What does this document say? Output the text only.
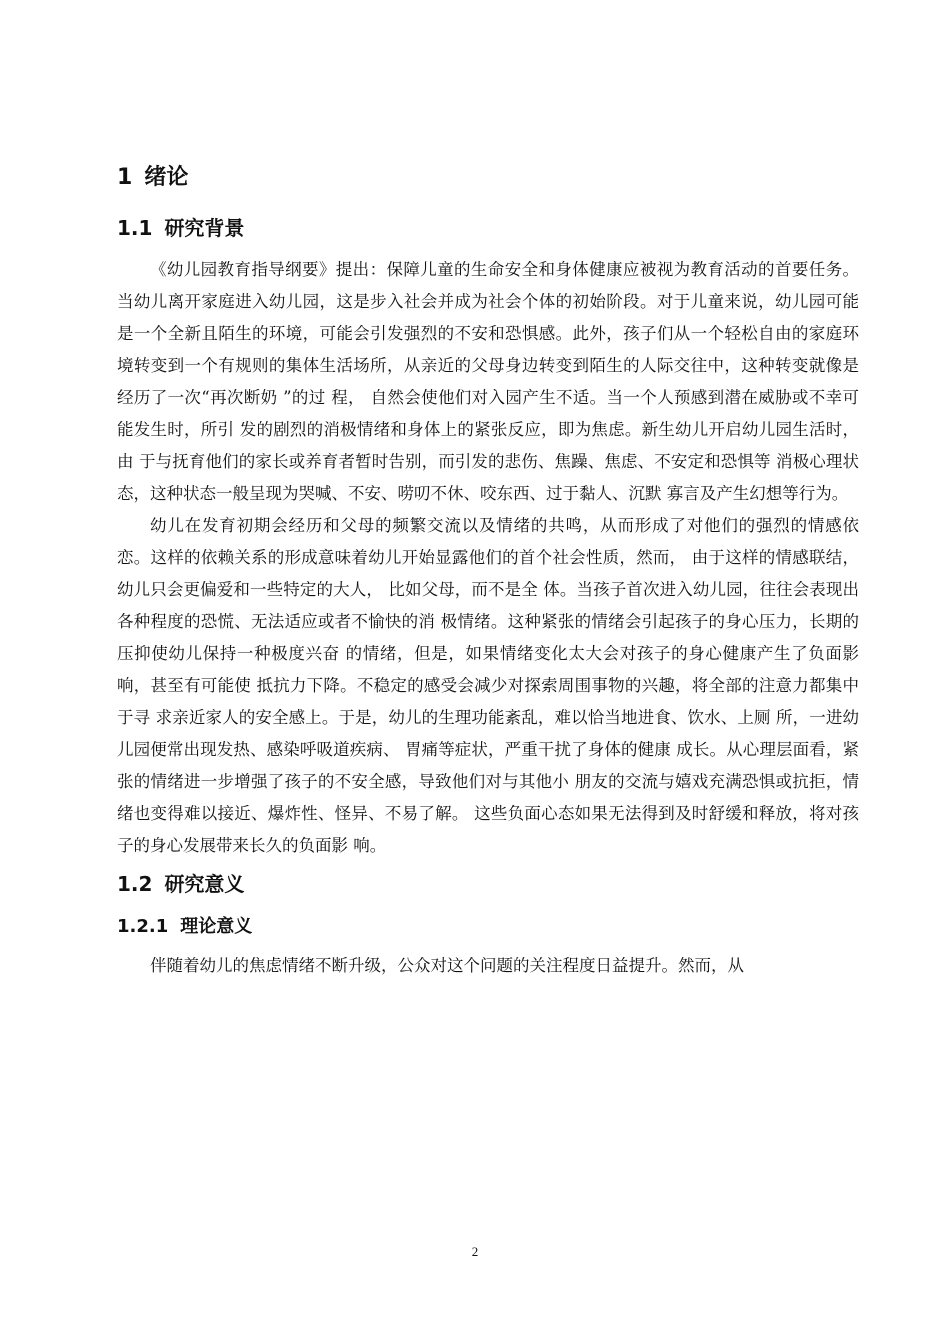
1 绪论
1.1 研究背景

《幼儿园教育指导纲要》提出：保障儿童的生命安全和身体健康应被视为教育活动的首要任务。当幼儿离开家庭进入幼儿园，这是步入社会并成为社会个体的初始阶段。对于儿童来说，幼儿园可能是一个全新且陌生的环境，可能会引发强烈的不安和恐惧感。此外，孩子们从一个轻松自由的家庭环境转变到一个有规则的集体生活场所，从亲近的父母身边转变到陌生的人际交往中，这种转变就像是经历了一次“再次断奶 ”的过 程， 自然会使他们对入园产生不适。当一个人预感到潜在威胁或不幸可能发生时，所引 发的剧烈的消极情绪和身体上的紧张反应，即为焦虑。新生幼儿开启幼儿园生活时，由 于与抚育他们的家长或养育者暂时告别，而引发的悲伤、焦躁、焦虑、不安定和恐惧等 消极心理状态，这种状态一般呈现为哭喊、不安、唠叨不休、咬东西、过于黏人、沉默 寡言及产生幻想等行为。

幼儿在发育初期会经历和父母的频繁交流以及情绪的共鸣，从而形成了对他们的强烈的情感依恋。这样的依赖关系的形成意味着幼儿开始显露他们的首个社会性质，然而， 由于这样的情感联结，幼儿只会更偏爱和一些特定的大人， 比如父母，而不是全 体。当孩子首次进入幼儿园，往往会表现出各种程度的恐慌、无法适应或者不愉快的消 极情绪。这种紧张的情绪会引起孩子的身心压力，长期的压抑使幼儿保持一种极度兴奋 的情绪，但是，如果情绪变化太大会对孩子的身心健康产生了负面影响，甚至有可能使 抵抗力下降。不稳定的感受会减少对探索周围事物的兴趣，将全部的注意力都集中于寻 求亲近家人的安全感上。于是，幼儿的生理功能紊乱，难以恰当地进食、饮水、上厕 所，一进幼儿园便常出现发热、感染呼吸道疾病、 胃痛等症状，严重干扰了身体的健康 成长。从心理层面看，紧张的情绪进一步增强了孩子的不安全感，导致他们对与其他小 朋友的交流与嬉戏充满恐惧或抗拒，情绪也变得难以接近、爆炸性、怪异、不易了解。 这些负面心态如果无法得到及时舒缓和释放，将对孩子的身心发展带来长久的负面影 响。

1.2 研究意义
1.2.1 理论意义

伴随着幼儿的焦虑情绪不断升级，公众对这个问题的关注程度日益提升。然而，从

2
